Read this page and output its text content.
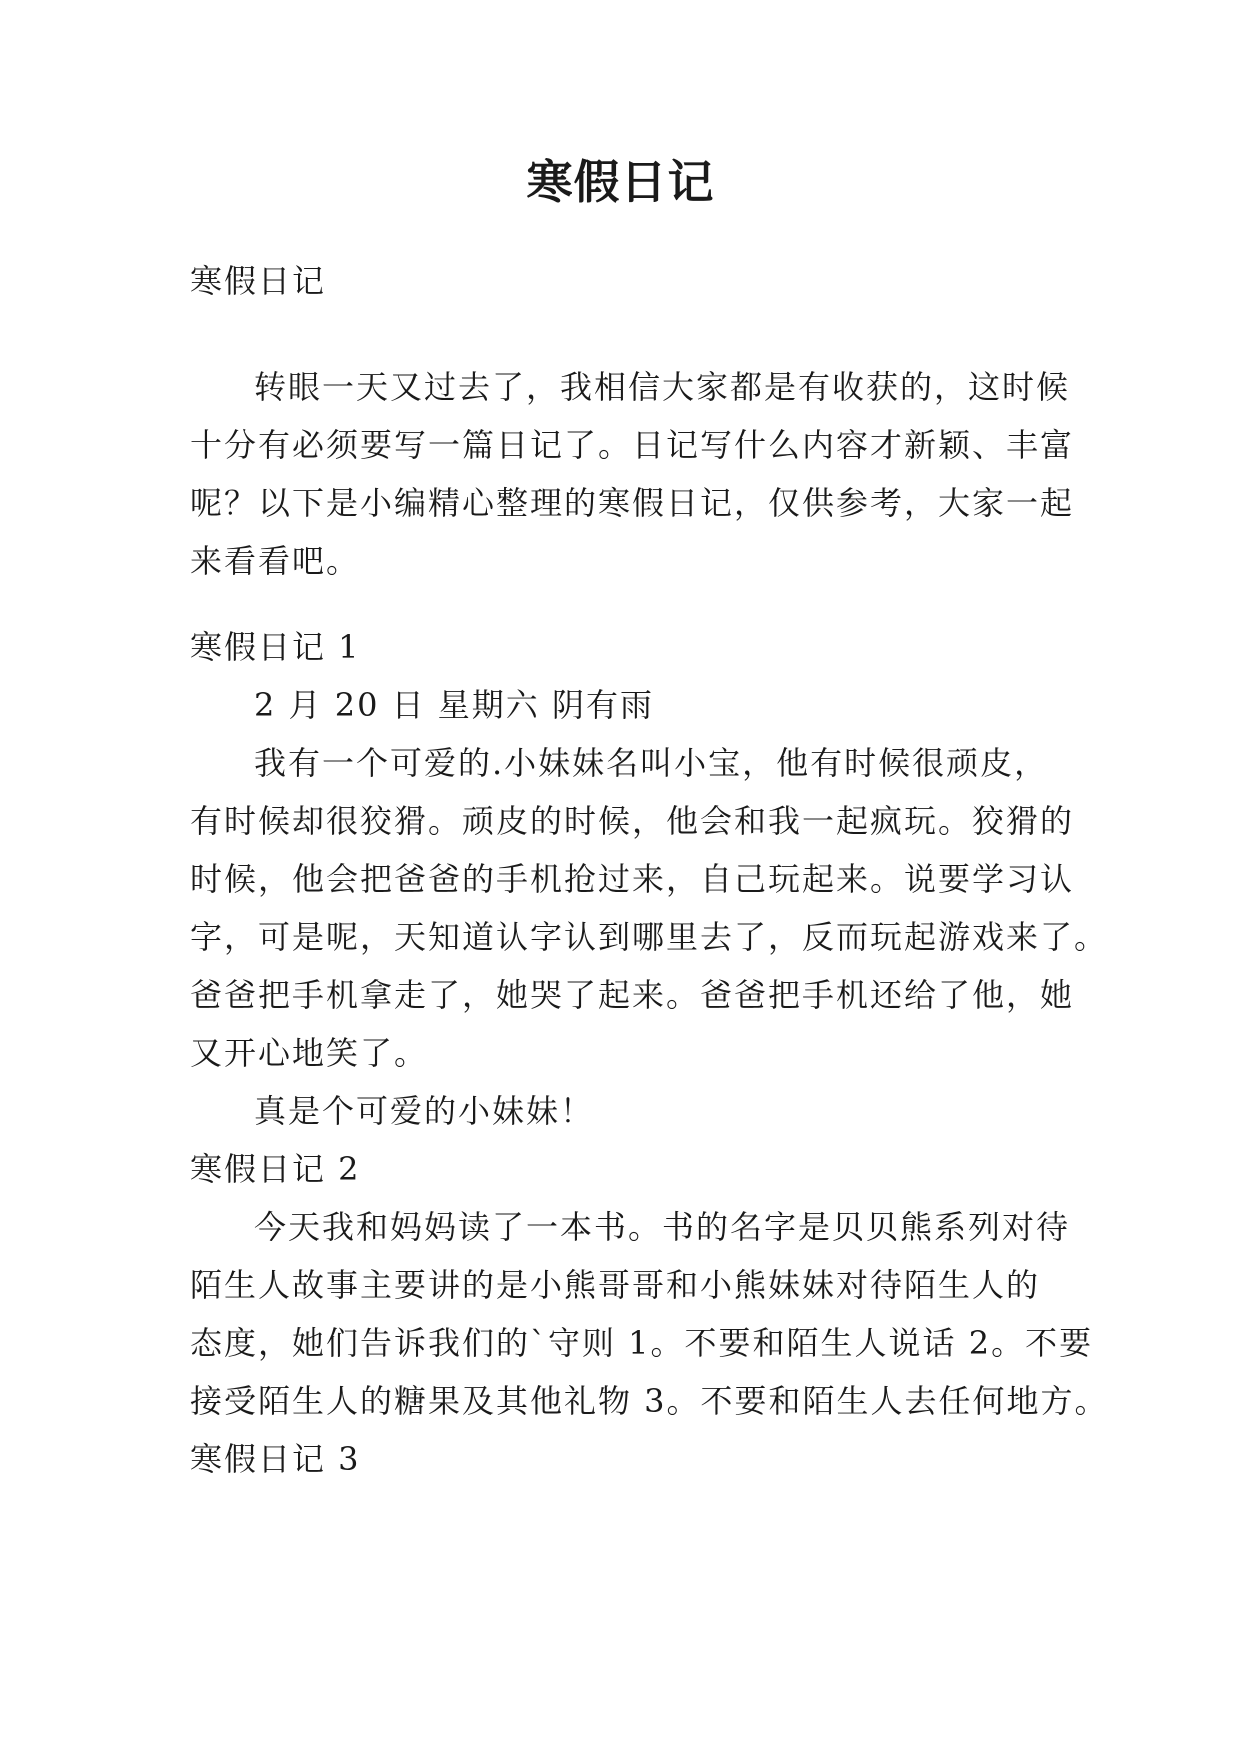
寒假日记
寒假日记
转眼一天又过去了，我相信大家都是有收获的，这时候
十分有必须要写一篇日记了。日记写什么内容才新颖、丰富
呢？以下是小编精心整理的寒假日记，仅供参考，大家一起
来看看吧。
寒假日记 1
2 月 20 日 星期六 阴有雨
我有一个可爱的.小妹妹名叫小宝，他有时候很顽皮，
有时候却很狡猾。顽皮的时候，他会和我一起疯玩。狡猾的
时候，他会把爸爸的手机抢过来，自己玩起来。说要学习认
字，可是呢，天知道认字认到哪里去了，反而玩起游戏来了。
爸爸把手机拿走了，她哭了起来。爸爸把手机还给了他，她
又开心地笑了。
真是个可爱的小妹妹！
寒假日记 2
今天我和妈妈读了一本书。书的名字是贝贝熊系列对待
陌生人故事主要讲的是小熊哥哥和小熊妹妹对待陌生人的
态度，她们告诉我们的`守则 1。不要和陌生人说话 2。不要
接受陌生人的糖果及其他礼物 3。不要和陌生人去任何地方。
寒假日记 3
